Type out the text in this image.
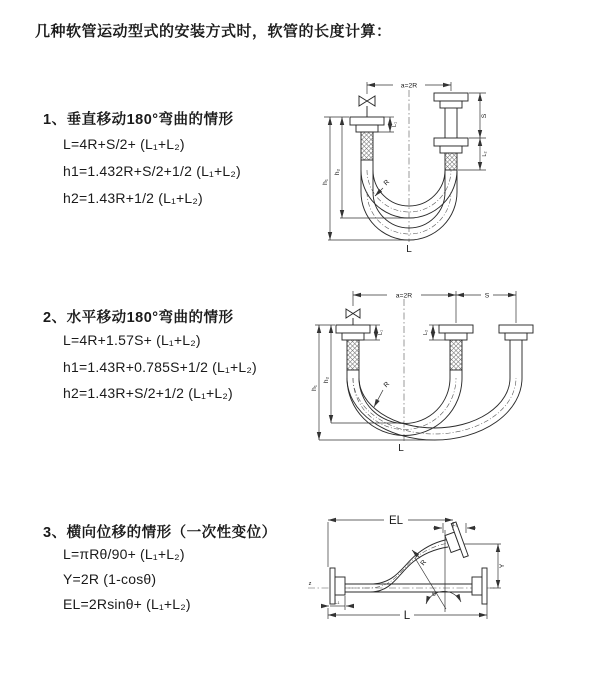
几种软管运动型式的安装方式时，软管的长度计算：
1、垂直移动180°弯曲的情形
L=4R+S/2+ (L₁+L₂)
h1=1.432R+S/2+1/2 (L₁+L₂)
h2=1.43R+1/2 (L₁+L₂)
a=2R
S
L₂
h₁
h₂
L₁
R
L
2、水平移动180°弯曲的情形
L=4R+1.57S+ (L₁+L₂)
h1=1.43R+0.785S+1/2 (L₁+L₂)
h2=1.43R+S/2+1/2 (L₁+L₂)
a=2R	S
h₁
h₂
L₁	L₂
R
L
3、横向位移的情形（一次性变位）
L=πRθ/90+ (L₁+L₂)
Y=2R (1-cosθ)
EL=2Rsinθ+ (L₁+L₂)
z
θ
R
EL	L₂
Y
L
L₁
